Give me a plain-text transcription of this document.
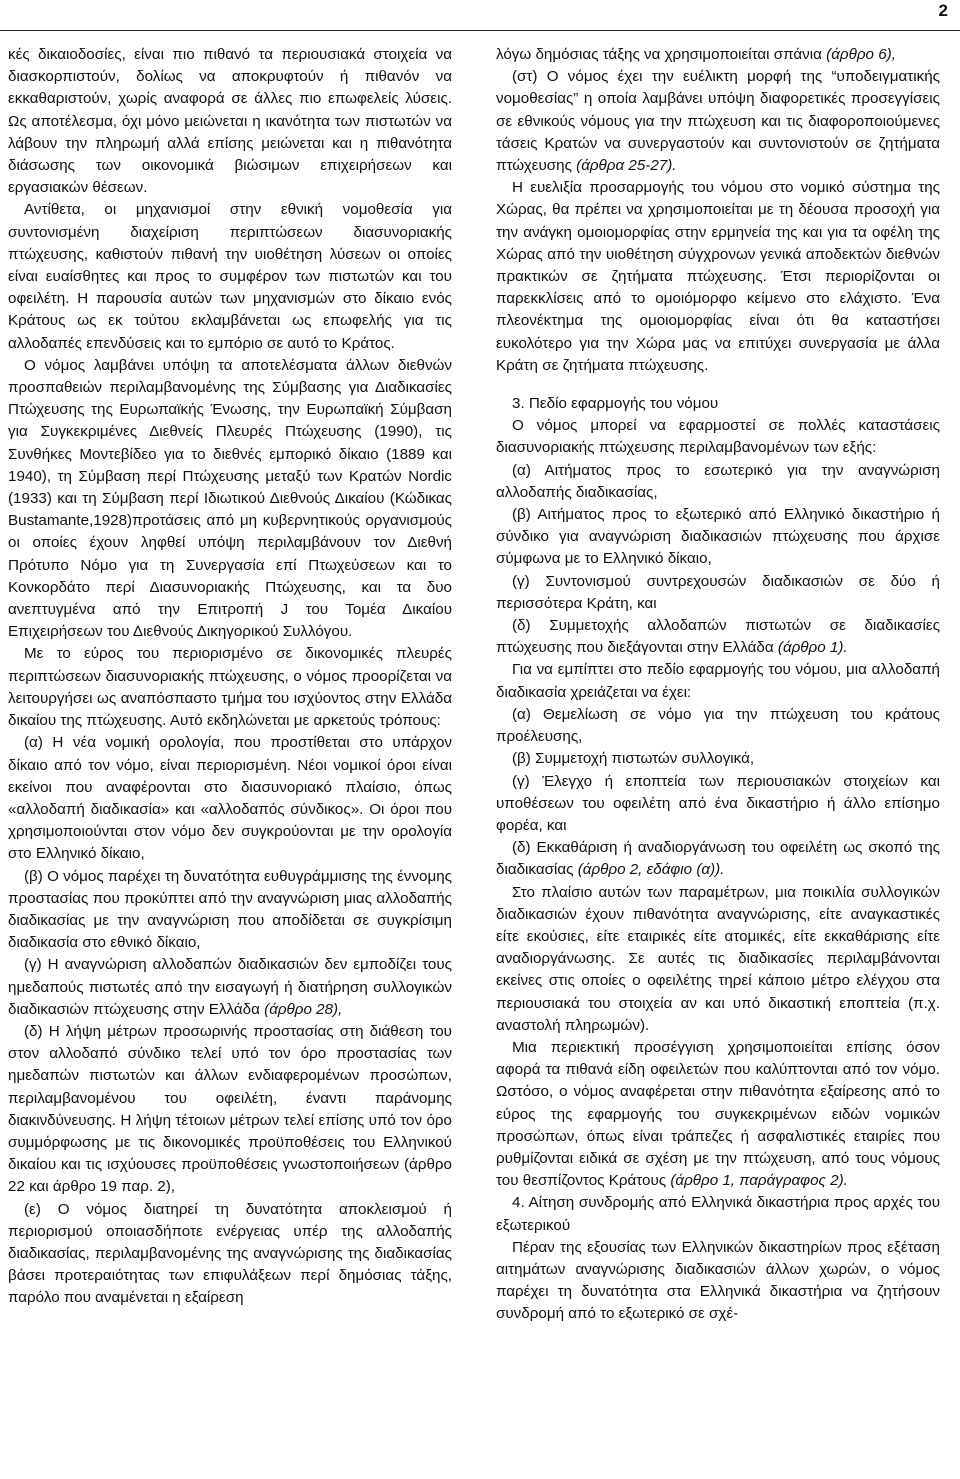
2

κές δικαιοδοσίες, είναι πιο πιθανό τα περιουσιακά στοιχεία να διασκορπιστούν, δολίως να αποκρυφτούν ή πιθανόν να εκκαθαριστούν, χωρίς αναφορά σε άλλες πιο επωφελείς λύσεις. Ως αποτέλεσμα, όχι μόνο μειώνεται η ικανότητα των πιστωτών να λάβουν την πληρωμή αλλά επίσης μειώνεται και η πιθανότητα διάσωσης των οικονομικά βιώσιμων επιχειρήσεων και εργασιακών θέσεων.

Αντίθετα, οι μηχανισμοί στην εθνική νομοθεσία για συντονισμένη διαχείριση περιπτώσεων διασυνοριακής πτώχευσης, καθιστούν πιθανή την υιοθέτηση λύσεων οι οποίες είναι ευαίσθητες και προς το συμφέρον των πιστωτών και του οφειλέτη. Η παρουσία αυτών των μηχανισμών στο δίκαιο ενός Κράτους ως εκ τούτου εκλαμβάνεται ως επωφελής για τις αλλοδαπές επενδύσεις και το εμπόριο σε αυτό το Κράτος.

Ο νόμος λαμβάνει υπόψη τα αποτελέσματα άλλων διεθνών προσπαθειών περιλαμβανομένης της Σύμβασης για Διαδικασίες Πτώχευσης της Ευρωπαϊκής Ένωσης, την Ευρωπαϊκή Σύμβαση για Συγκεκριμένες Διεθνείς Πλευρές Πτώχευσης (1990), τις Συνθήκες Μοντεβίδεο για το διεθνές εμπορικό δίκαιο (1889 και 1940), τη Σύμβαση περί Πτώχευσης μεταξύ των Κρατών Nordic (1933) και τη Σύμβαση περί Ιδιωτικού Διεθνούς Δικαίου (Κώδικας Bustamante,1928)προτάσεις από μη κυβερνητικούς οργανισμούς οι οποίες έχουν ληφθεί υπόψη περιλαμβάνουν τον Διεθνή Πρότυπο Νόμο για τη Συνεργασία επί Πτωχεύσεων και το Κονκορδάτο περί Διασυνοριακής Πτώχευσης, και τα δυο ανεπτυγμένα από την Επιτροπή J του Τομέα Δικαίου Επιχειρήσεων του Διεθνούς Δικηγορικού Συλλόγου.

Με το εύρος του περιορισμένο σε δικονομικές πλευρές περιπτώσεων διασυνοριακής πτώχευσης, ο νόμος προορίζεται να λειτουργήσει ως αναπόσπαστο τμήμα του ισχύοντος στην Ελλάδα δικαίου της πτώχευσης. Αυτό εκδηλώνεται με αρκετούς τρόπους:

(α) Η νέα νομική ορολογία, που προστίθεται στο υπάρχον δίκαιο από τον νόμο, είναι περιορισμένη. Νέοι νομικοί όροι είναι εκείνοι που αναφέρονται στο διασυνοριακό πλαίσιο, όπως «αλλοδαπή διαδικασία» και «αλλοδαπός σύνδικος». Οι όροι που χρησιμοποιούνται στον νόμο δεν συγκρούονται με την ορολογία στο Ελληνικό δίκαιο,

(β) Ο νόμος παρέχει τη δυνατότητα ευθυγράμμισης της έννομης προστασίας που προκύπτει από την αναγνώριση μιας αλλοδαπής διαδικασίας με την αναγνώριση που αποδίδεται σε συγκρίσιμη διαδικασία στο εθνικό δίκαιο,

(γ) Η αναγνώριση αλλοδαπών διαδικασιών δεν εμποδίζει τους ημεδαπούς πιστωτές από την εισαγωγή ή διατήρηση συλλογικών διαδικασιών πτώχευσης στην Ελλάδα (άρθρο 28),

(δ) Η λήψη μέτρων προσωρινής προστασίας στη διάθεση του στον αλλοδαπό σύνδικο τελεί υπό τον όρο προστασίας των ημεδαπών πιστωτών και άλλων ενδιαφερομένων προσώπων, περιλαμβανομένου του οφειλέτη, έναντι παράνομης διακινδύνευσης. Η λήψη τέτοιων μέτρων τελεί επίσης υπό τον όρο συμμόρφωσης με τις δικονομικές προϋποθέσεις του Ελληνικού δικαίου και τις ισχύουσες προϋποθέσεις γνωστοποιήσεων (άρθρο 22 και άρθρο 19 παρ. 2),

(ε) Ο νόμος διατηρεί τη δυνατότητα αποκλεισμού ή περιορισμού οποιασδήποτε ενέργειας υπέρ της αλλοδαπής διαδικασίας, περιλαμβανομένης της αναγνώρισης της διαδικασίας βάσει προτεραιότητας των επιφυλάξεων περί δημόσιας τάξης, παρόλο που αναμένεται η εξαίρεση

λόγω δημόσιας τάξης να χρησιμοποιείται σπάνια (άρθρο 6),

(στ) Ο νόμος έχει την ευέλικτη μορφή της “υποδειγματικής νομοθεσίας” η οποία λαμβάνει υπόψη διαφορετικές προσεγγίσεις σε εθνικούς νόμους για την πτώχευση και τις διαφοροποιούμενες τάσεις Κρατών να συνεργαστούν και συντονιστούν σε ζητήματα πτώχευσης (άρθρα 25-27).

Η ευελιξία προσαρμογής του νόμου στο νομικό σύστημα της Χώρας, θα πρέπει να χρησιμοποιείται με τη δέουσα προσοχή για την ανάγκη ομοιομορφίας στην ερμηνεία της και για τα οφέλη της Χώρας από την υιοθέτηση σύγχρονων γενικά αποδεκτών διεθνών πρακτικών σε ζητήματα πτώχευσης. Έτσι περιορίζονται οι παρεκκλίσεις από το ομοιόμορφο κείμενο στο ελάχιστο. Ένα πλεονέκτημα της ομοιομορφίας είναι ότι θα καταστήσει ευκολότερο για την Χώρα μας να επιτύχει συνεργασία με άλλα Κράτη σε ζητήματα πτώχευσης.

3. Πεδίο εφαρμογής του νόμου

Ο νόμος μπορεί να εφαρμοστεί σε πολλές καταστάσεις διασυνοριακής πτώχευσης περιλαμβανομένων των εξής:

(α) Αιτήματος προς το εσωτερικό για την αναγνώριση αλλοδαπής διαδικασίας,

(β) Αιτήματος προς το εξωτερικό από Ελληνικό δικαστήριο ή σύνδικο για αναγνώριση διαδικασιών πτώχευσης που άρχισε σύμφωνα με το Ελληνικό δίκαιο,

(γ) Συντονισμού συντρεχουσών διαδικασιών σε δύο ή περισσότερα Κράτη, και

(δ) Συμμετοχής αλλοδαπών πιστωτών σε διαδικασίες πτώχευσης που διεξάγονται στην Ελλάδα (άρθρο 1).

Για να εμπίπτει στο πεδίο εφαρμογής του νόμου, μια αλλοδαπή διαδικασία χρειάζεται να έχει:

(α) Θεμελίωση σε νόμο για την πτώχευση του κράτους προέλευσης,

(β) Συμμετοχή πιστωτών συλλογικά,

(γ) Έλεγχο ή εποπτεία των περιουσιακών στοιχείων και υποθέσεων του οφειλέτη από ένα δικαστήριο ή άλλο επίσημο φορέα, και

(δ) Εκκαθάριση ή αναδιοργάνωση του οφειλέτη ως σκοπό της διαδικασίας (άρθρο 2, εδάφιο (α)).

Στο πλαίσιο αυτών των παραμέτρων, μια ποικιλία συλλογικών διαδικασιών έχουν πιθανότητα αναγνώρισης, είτε αναγκαστικές είτε εκούσιες, είτε εταιρικές είτε ατομικές, είτε εκκαθάρισης είτε αναδιοργάνωσης. Σε αυτές τις διαδικασίες περιλαμβάνονται εκείνες στις οποίες ο οφειλέτης τηρεί κάποιο μέτρο ελέγχου στα περιουσιακά του στοιχεία αν και υπό δικαστική εποπτεία (π.χ. αναστολή πληρωμών).

Μια περιεκτική προσέγγιση χρησιμοποιείται επίσης όσον αφορά τα πιθανά είδη οφειλετών που καλύπτονται από τον νόμο. Ωστόσο, ο νόμος αναφέρεται στην πιθανότητα εξαίρεσης από το εύρος της εφαρμογής του συγκεκριμένων ειδών νομικών προσώπων, όπως είναι τράπεζες ή ασφαλιστικές εταιρίες που ρυθμίζονται ειδικά σε σχέση με την πτώχευση, από τους νόμους του θεσπίζοντος Κράτους (άρθρο 1, παράγραφος 2).

4. Αίτηση συνδρομής από Ελληνικά δικαστήρια προς αρχές του εξωτερικού

Πέραν της εξουσίας των Ελληνικών δικαστηρίων προς εξέταση αιτημάτων αναγνώρισης διαδικασιών άλλων χωρών, ο νόμος παρέχει τη δυνατότητα στα Ελληνικά δικαστήρια να ζητήσουν συνδρομή από το εξωτερικό σε σχέ-
